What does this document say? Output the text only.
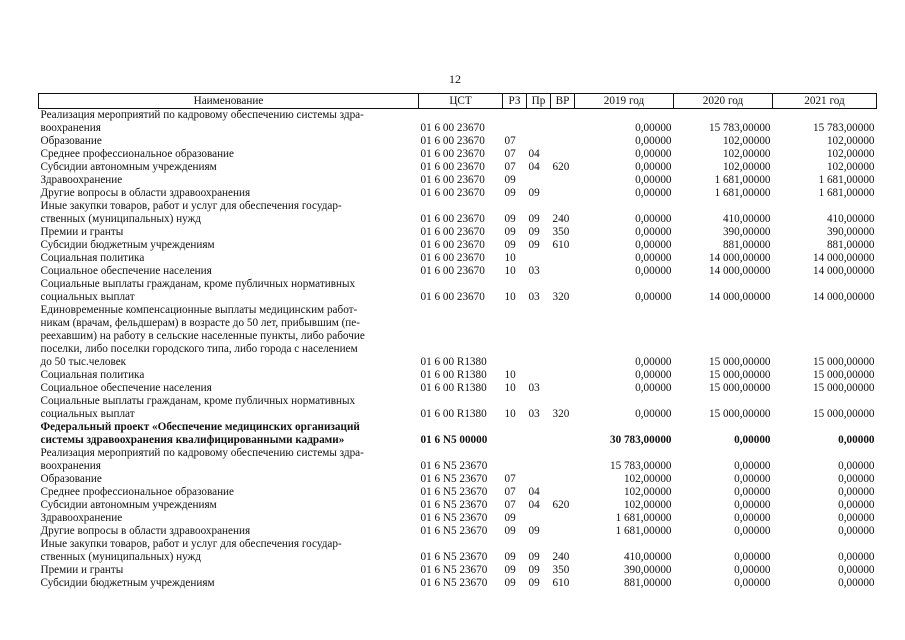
12
Наименование	ЦСТ	РЗ	Пр	ВР	2019 год	2020 год	2021 год
Реализация мероприятий по кадровому обеспечению системы здра-
воохранения	01 6 00 23670				0,00000	15 783,00000	15 783,00000
Образование	01 6 00 23670	07			0,00000	102,00000	102,00000
Среднее профессиональное образование	01 6 00 23670	07	04		0,00000	102,00000	102,00000
Субсидии автономным учреждениям	01 6 00 23670	07	04	620	0,00000	102,00000	102,00000
Здравоохранение	01 6 00 23670	09			0,00000	1 681,00000	1 681,00000
Другие вопросы в области здравоохранения	01 6 00 23670	09	09		0,00000	1 681,00000	1 681,00000
Иные закупки товаров, работ и услуг для обеспечения государ-
ственных (муниципальных) нужд	01 6 00 23670	09	09	240	0,00000	410,00000	410,00000
Премии и гранты	01 6 00 23670	09	09	350	0,00000	390,00000	390,00000
Субсидии бюджетным учреждениям	01 6 00 23670	09	09	610	0,00000	881,00000	881,00000
Социальная политика	01 6 00 23670	10			0,00000	14 000,00000	14 000,00000
Социальное обеспечение населения	01 6 00 23670	10	03		0,00000	14 000,00000	14 000,00000
Социальные выплаты гражданам, кроме публичных нормативных
социальных выплат	01 6 00 23670	10	03	320	0,00000	14 000,00000	14 000,00000
Единовременные компенсационные выплаты медицинским работ-
никам (врачам, фельдшерам) в возрасте до 50 лет, прибывшим (пе-
реехавшим) на работу в сельские населенные пункты, либо рабочие
поселки, либо поселки городского типа, либо города с населением
до 50 тыс.человек	01 6 00 R1380				0,00000	15 000,00000	15 000,00000
Социальная политика	01 6 00 R1380	10			0,00000	15 000,00000	15 000,00000
Социальное обеспечение населения	01 6 00 R1380	10	03		0,00000	15 000,00000	15 000,00000
Социальные выплаты гражданам, кроме публичных нормативных
социальных выплат	01 6 00 R1380	10	03	320	0,00000	15 000,00000	15 000,00000
Федеральный проект «Обеспечение медицинских организаций
системы здравоохранения квалифицированными кадрами»	01 6 N5 00000				30 783,00000	0,00000	0,00000
Реализация мероприятий по кадровому обеспечению системы здра-
воохранения	01 6 N5 23670				15 783,00000	0,00000	0,00000
Образование	01 6 N5 23670	07			102,00000	0,00000	0,00000
Среднее профессиональное образование	01 6 N5 23670	07	04		102,00000	0,00000	0,00000
Субсидии автономным учреждениям	01 6 N5 23670	07	04	620	102,00000	0,00000	0,00000
Здравоохранение	01 6 N5 23670	09			1 681,00000	0,00000	0,00000
Другие вопросы в области здравоохранения	01 6 N5 23670	09	09		1 681,00000	0,00000	0,00000
Иные закупки товаров, работ и услуг для обеспечения государ-
ственных (муниципальных) нужд	01 6 N5 23670	09	09	240	410,00000	0,00000	0,00000
Премии и гранты	01 6 N5 23670	09	09	350	390,00000	0,00000	0,00000
Субсидии бюджетным учреждениям	01 6 N5 23670	09	09	610	881,00000	0,00000	0,00000
